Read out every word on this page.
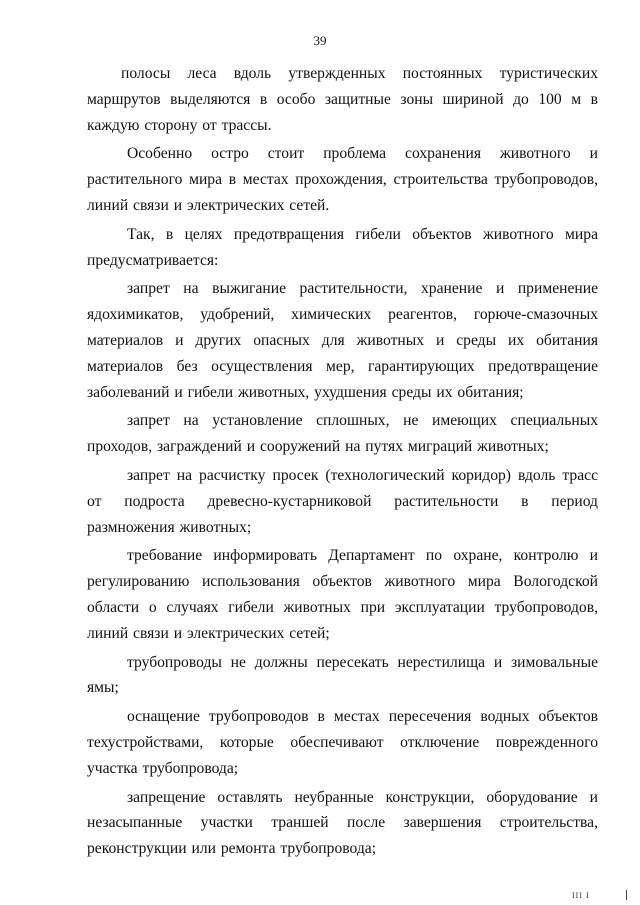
39

полосы леса вдоль утвержденных постоянных туристических маршрутов выделяются в особо защитные зоны шириной до 100 м в каждую сторону от трассы.

Особенно остро стоит проблема сохранения животного и растительного мира в местах прохождения, строительства трубопроводов, линий связи и электрических сетей.

Так, в целях предотвращения гибели объектов животного мира предусматривается:

запрет на выжигание растительности, хранение и применение ядохимикатов, удобрений, химических реагентов, горюче-смазочных материалов и других опасных для животных и среды их обитания материалов без осуществления мер, гарантирующих предотвращение заболеваний и гибели животных, ухудшения среды их обитания;

запрет на установление сплошных, не имеющих специальных проходов, заграждений и сооружений на путях миграций животных;

запрет на расчистку просек (технологический коридор) вдоль трасс от подроста древесно-кустарниковой растительности в период размножения животных;

требование информировать Департамент по охране, контролю и регулированию использования объектов животного мира Вологодской области о случаях гибели животных при эксплуатации трубопроводов, линий связи и электрических сетей;

трубопроводы не должны пересекать нерестилища и зимовальные ямы;

оснащение трубопроводов в местах пересечения водных объектов техустройствами, которые обеспечивают отключение поврежденного участка трубопровода;

запрещение оставлять неубранные конструкции, оборудование и незасыпанные участки траншей после завершения строительства, реконструкции или ремонта трубопровода;

III I
